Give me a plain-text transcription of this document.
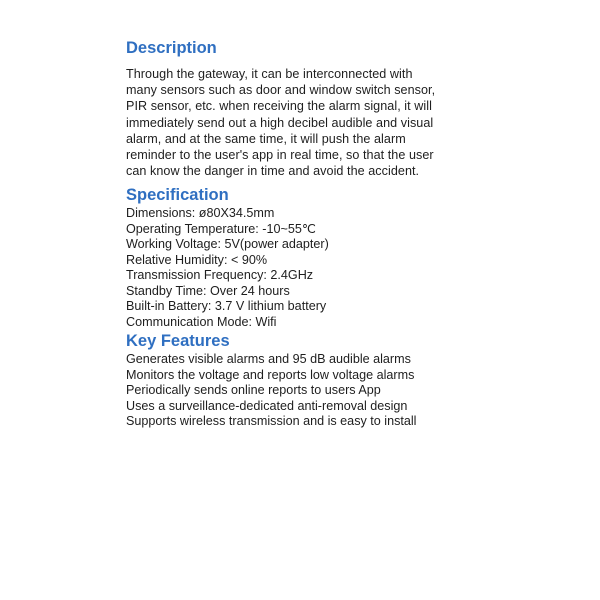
Description
Through the gateway, it can be interconnected with
many sensors such as door and window switch sensor,
PIR sensor, etc. when receiving the alarm signal, it will
immediately send out a high decibel audible and visual
alarm, and at the same time, it will push the alarm
reminder to the user's app in real time, so that the user
can know the danger in time and avoid the accident.
Specification
Dimensions: ø80X34.5mm
Operating Temperature: -10~55℃
Working Voltage: 5V(power adapter)
Relative Humidity: < 90%
Transmission Frequency: 2.4GHz
Standby Time: Over 24 hours
Built-in Battery: 3.7 V lithium battery
Communication Mode: Wifi
Key Features
Generates visible alarms and 95 dB audible alarms
Monitors the voltage and reports low voltage alarms
Periodically sends online reports to users App
Uses a surveillance-dedicated anti-removal design
Supports wireless transmission and is easy to install
